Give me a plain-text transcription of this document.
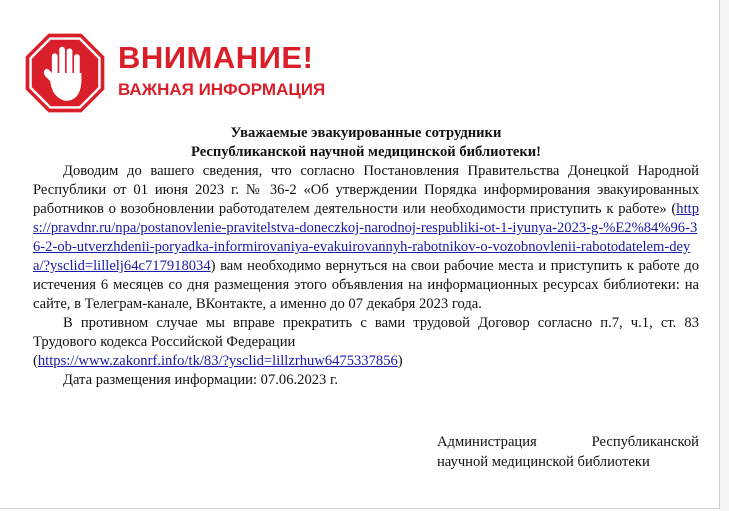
ВНИМАНИЕ!
ВАЖНАЯ ИНФОРМАЦИЯ

Уважаемые эвакуированные сотрудники

Республиканской научной медицинской библиотеки!

Доводим до вашего сведения, что согласно Постановления Правительства Донецкой Народной Республики от 01 июня 2023 г. № 36-2 «Об утверждении Порядка информирования эвакуированных работников о возобновлении работодателем деятельности или необходимости приступить к работе» (https://pravdnr.ru/npa/postanovlenie-pravitelstva-doneczkoj-narodnoj-respubliki-ot-1-iyunya-2023-g-%E2%84%96-36-2-ob-utverzhdenii-poryadka-informirovaniya-evakuirovannyh-rabotnikov-o-vozobnovlenii-rabotodatelem-deya/?ysclid=lillelj64c717918034) вам необходимо вернуться на свои рабочие места и приступить к работе до истечения 6 месяцев со дня размещения этого объявления на информационных ресурсах библиотеки: на сайте, в Телеграм-канале, ВКонтакте, а именно до 07 декабря 2023 года.

В противном случае мы вправе прекратить с вами трудовой Договор согласно п.7, ч.1, ст. 83 Трудового кодекса Российской Федерации

(https://www.zakonrf.info/tk/83/?ysclid=lillzrhuw6475337856)

Дата размещения информации: 07.06.2023 г.

Администрация	Республиканской
научной медицинской библиотеки
